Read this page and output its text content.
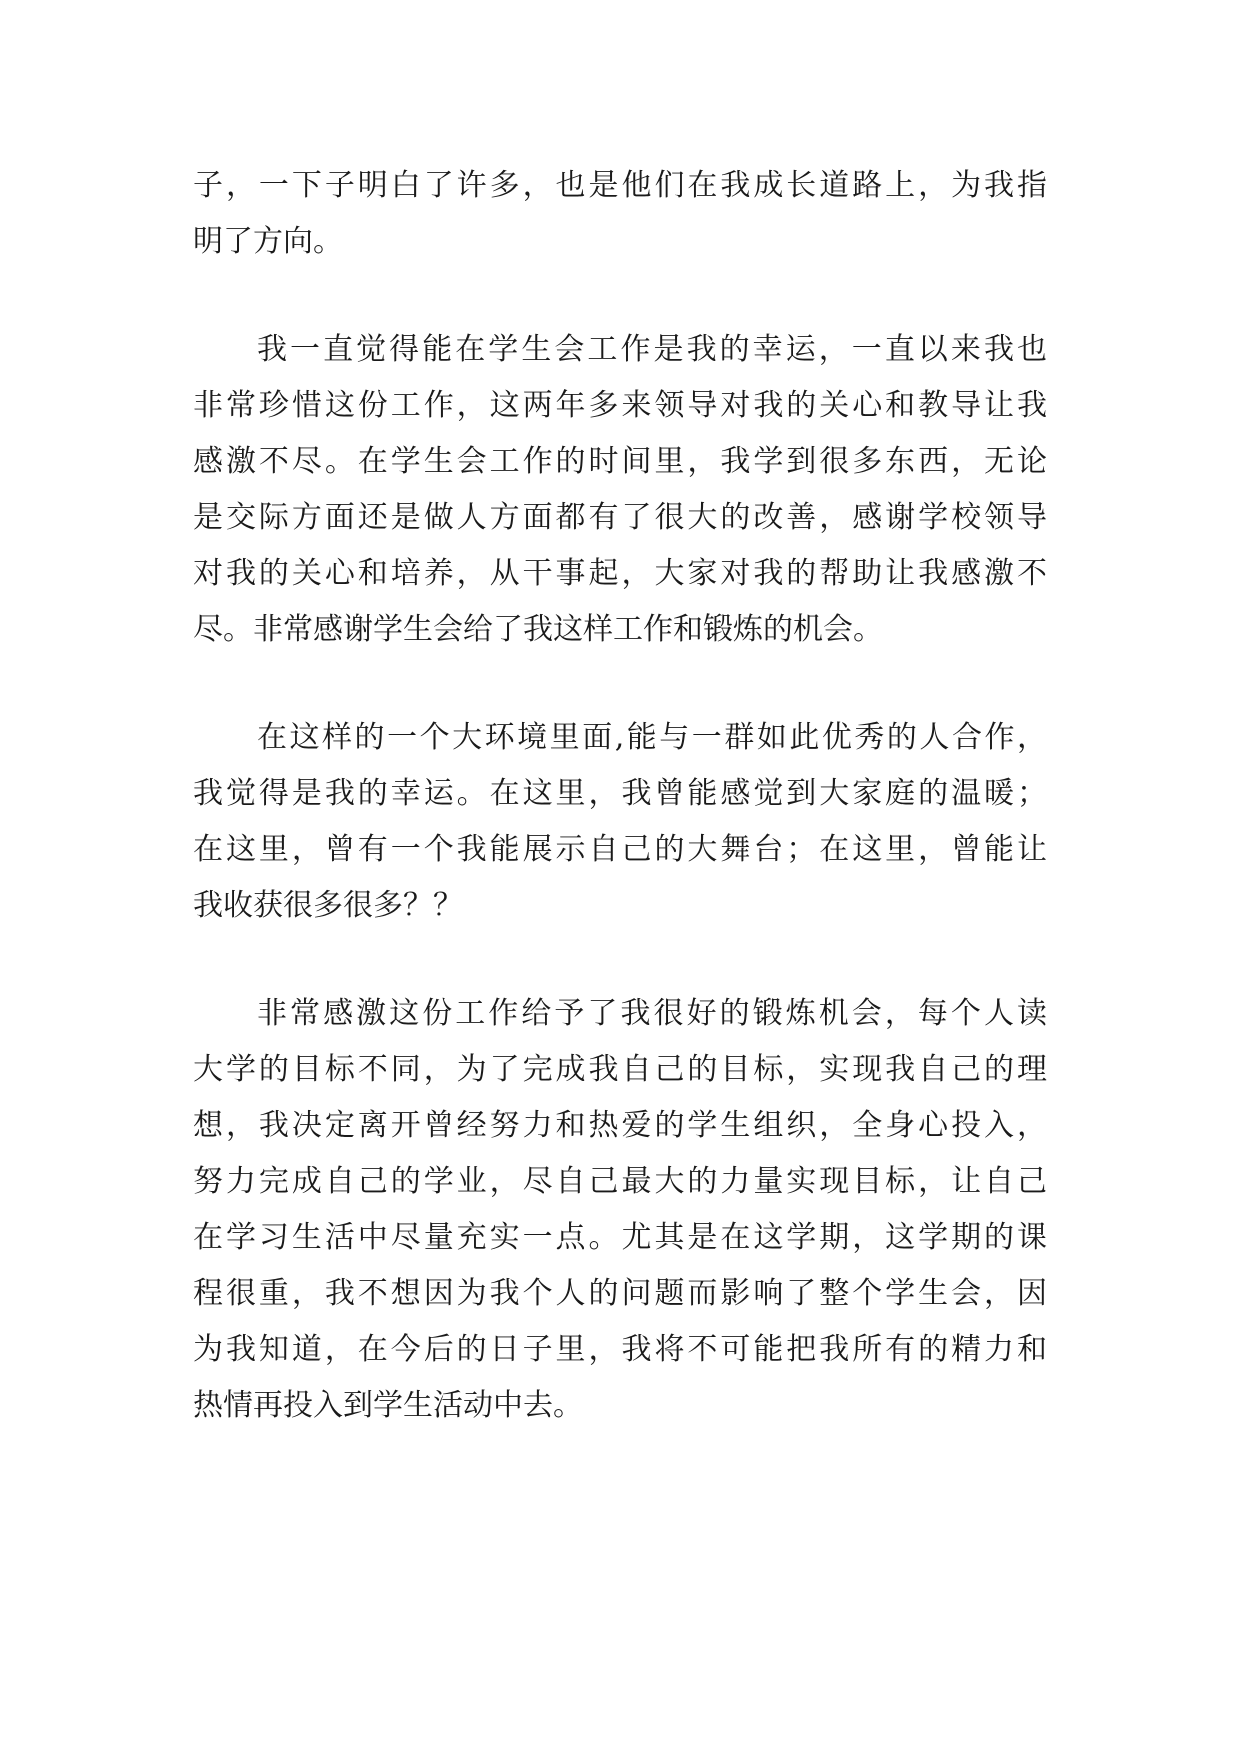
子，一下子明白了许多，也是他们在我成长道路上，为我指

明了方向。

我一直觉得能在学生会工作是我的幸运，一直以来我也

非常珍惜这份工作，这两年多来领导对我的关心和教导让我

感激不尽。在学生会工作的时间里，我学到很多东西，无论

是交际方面还是做人方面都有了很大的改善，感谢学校领导

对我的关心和培养，从干事起，大家对我的帮助让我感激不

尽。非常感谢学生会给了我这样工作和锻炼的机会。

在这样的一个大环境里面,能与一群如此优秀的人合作，

我觉得是我的幸运。在这里，我曾能感觉到大家庭的温暖；

在这里，曾有一个我能展示自己的大舞台；在这里，曾能让

我收获很多很多？？

非常感激这份工作给予了我很好的锻炼机会，每个人读

大学的目标不同，为了完成我自己的目标，实现我自己的理

想，我决定离开曾经努力和热爱的学生组织，全身心投入，

努力完成自己的学业，尽自己最大的力量实现目标，让自己

在学习生活中尽量充实一点。尤其是在这学期，这学期的课

程很重，我不想因为我个人的问题而影响了整个学生会，因

为我知道，在今后的日子里，我将不可能把我所有的精力和

热情再投入到学生活动中去。
